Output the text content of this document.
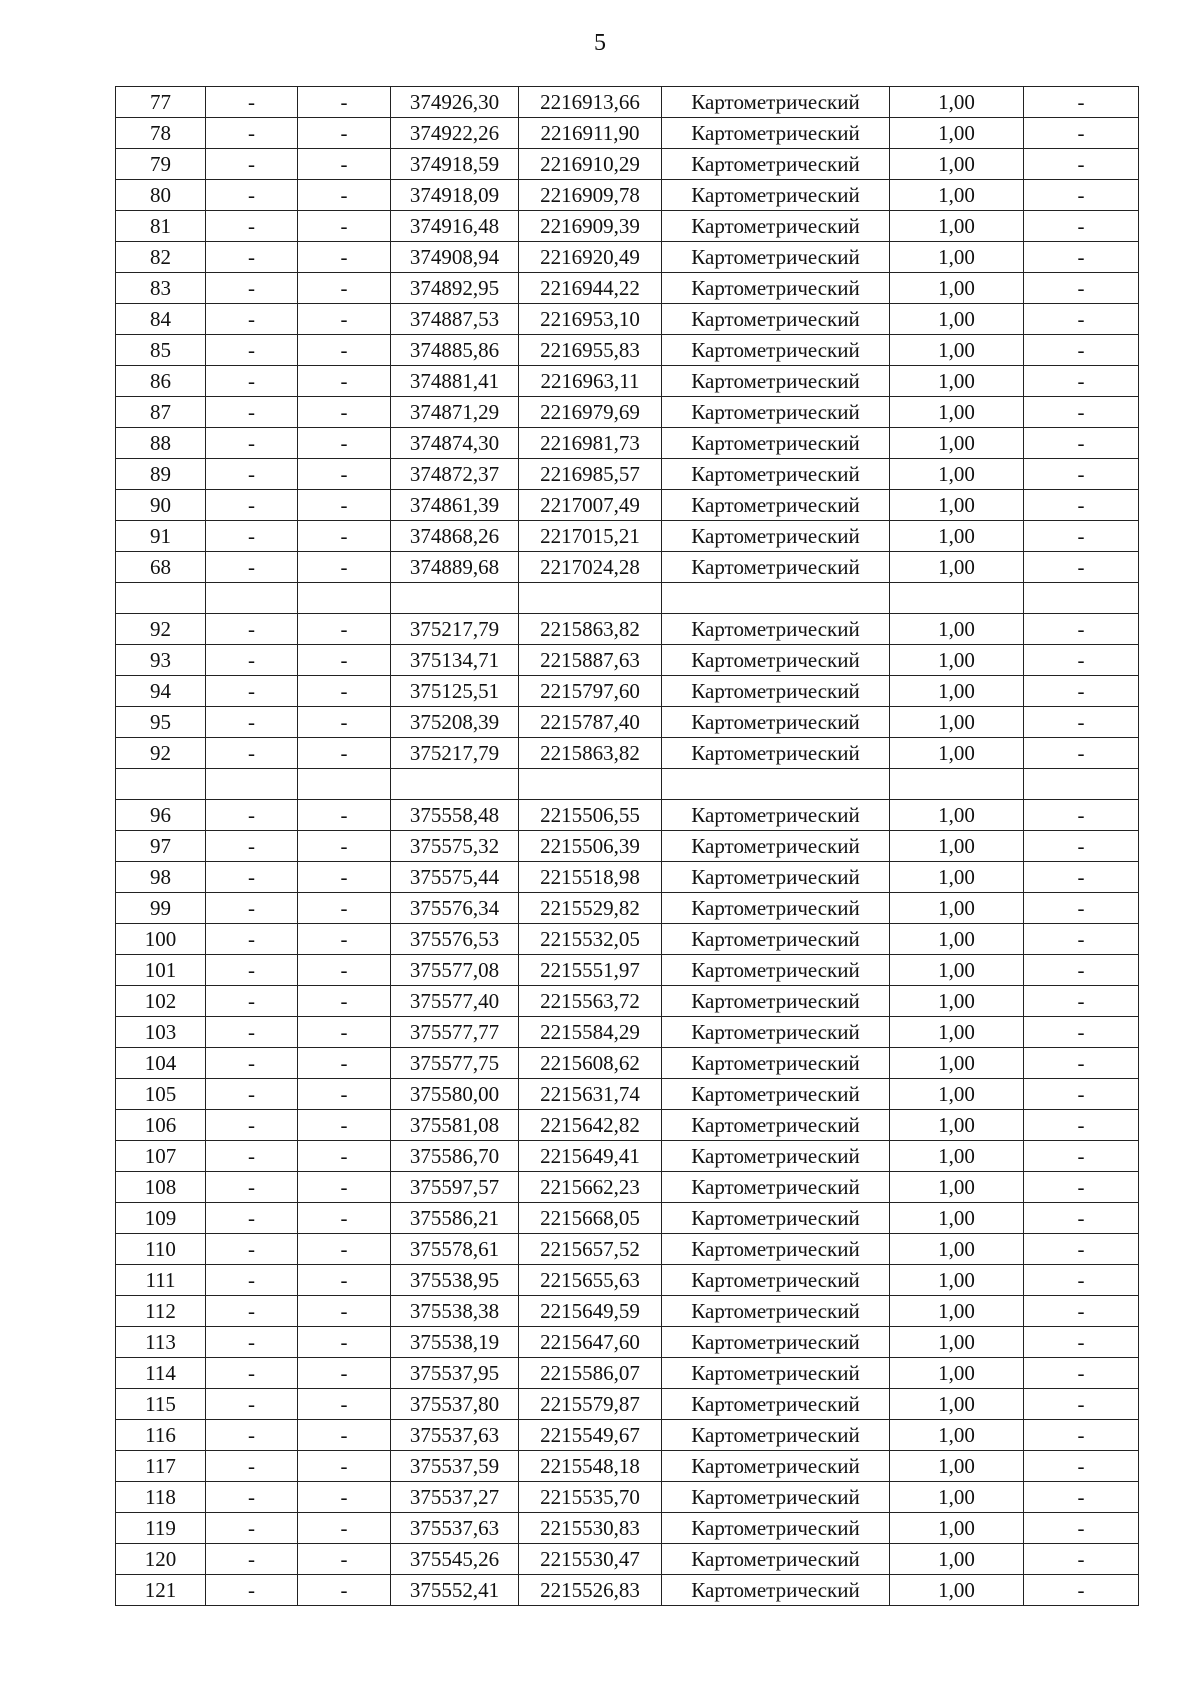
5
77	-	-	374926,30	2216913,66	Картометрический	1,00	-
78	-	-	374922,26	2216911,90	Картометрический	1,00	-
79	-	-	374918,59	2216910,29	Картометрический	1,00	-
80	-	-	374918,09	2216909,78	Картометрический	1,00	-
81	-	-	374916,48	2216909,39	Картометрический	1,00	-
82	-	-	374908,94	2216920,49	Картометрический	1,00	-
83	-	-	374892,95	2216944,22	Картометрический	1,00	-
84	-	-	374887,53	2216953,10	Картометрический	1,00	-
85	-	-	374885,86	2216955,83	Картометрический	1,00	-
86	-	-	374881,41	2216963,11	Картометрический	1,00	-
87	-	-	374871,29	2216979,69	Картометрический	1,00	-
88	-	-	374874,30	2216981,73	Картометрический	1,00	-
89	-	-	374872,37	2216985,57	Картометрический	1,00	-
90	-	-	374861,39	2217007,49	Картометрический	1,00	-
91	-	-	374868,26	2217015,21	Картометрический	1,00	-
68	-	-	374889,68	2217024,28	Картометрический	1,00	-

92	-	-	375217,79	2215863,82	Картометрический	1,00	-
93	-	-	375134,71	2215887,63	Картометрический	1,00	-
94	-	-	375125,51	2215797,60	Картометрический	1,00	-
95	-	-	375208,39	2215787,40	Картометрический	1,00	-
92	-	-	375217,79	2215863,82	Картометрический	1,00	-

96	-	-	375558,48	2215506,55	Картометрический	1,00	-
97	-	-	375575,32	2215506,39	Картометрический	1,00	-
98	-	-	375575,44	2215518,98	Картометрический	1,00	-
99	-	-	375576,34	2215529,82	Картометрический	1,00	-
100	-	-	375576,53	2215532,05	Картометрический	1,00	-
101	-	-	375577,08	2215551,97	Картометрический	1,00	-
102	-	-	375577,40	2215563,72	Картометрический	1,00	-
103	-	-	375577,77	2215584,29	Картометрический	1,00	-
104	-	-	375577,75	2215608,62	Картометрический	1,00	-
105	-	-	375580,00	2215631,74	Картометрический	1,00	-
106	-	-	375581,08	2215642,82	Картометрический	1,00	-
107	-	-	375586,70	2215649,41	Картометрический	1,00	-
108	-	-	375597,57	2215662,23	Картометрический	1,00	-
109	-	-	375586,21	2215668,05	Картометрический	1,00	-
110	-	-	375578,61	2215657,52	Картометрический	1,00	-
111	-	-	375538,95	2215655,63	Картометрический	1,00	-
112	-	-	375538,38	2215649,59	Картометрический	1,00	-
113	-	-	375538,19	2215647,60	Картометрический	1,00	-
114	-	-	375537,95	2215586,07	Картометрический	1,00	-
115	-	-	375537,80	2215579,87	Картометрический	1,00	-
116	-	-	375537,63	2215549,67	Картометрический	1,00	-
117	-	-	375537,59	2215548,18	Картометрический	1,00	-
118	-	-	375537,27	2215535,70	Картометрический	1,00	-
119	-	-	375537,63	2215530,83	Картометрический	1,00	-
120	-	-	375545,26	2215530,47	Картометрический	1,00	-
121	-	-	375552,41	2215526,83	Картометрический	1,00	-
